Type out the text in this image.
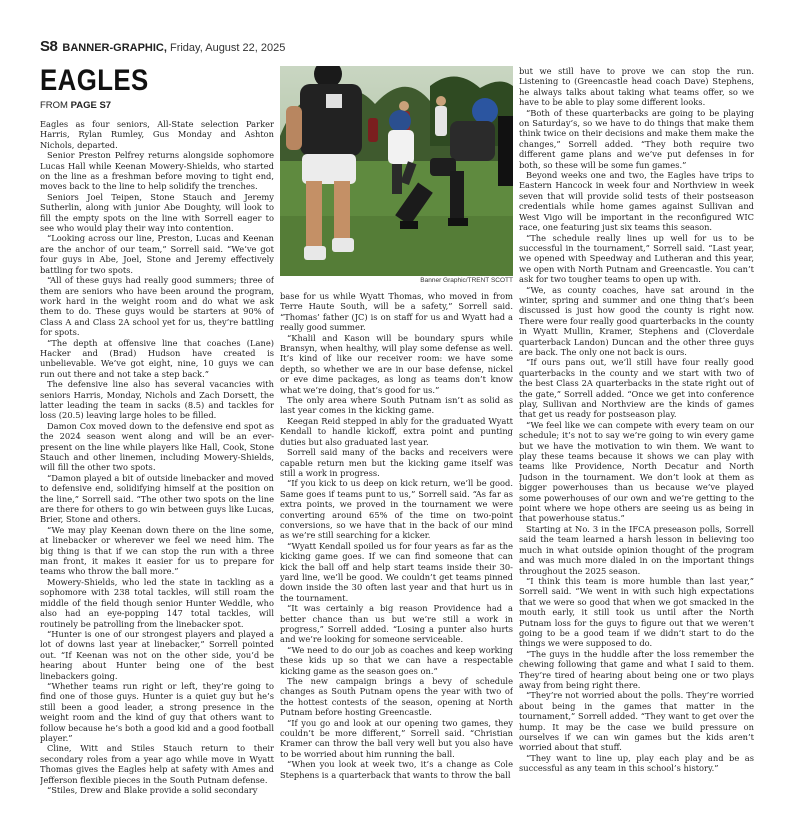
S8 BANNER-GRAPHIC, Friday, August 22, 2025
EAGLES
FROM PAGE S7

Eagles as four seniors, All-State selection Parker Harris, Rylan Rumley, Gus Monday and Ashton Nichols, departed.

Senior Preston Pelfrey returns alongside sophomore Lucas Hall while Keenan Mowery-Shields, who started on the line as a freshman before moving to tight end, moves back to the line to help solidify the trenches.

Seniors Joel Teipen, Stone Stauch and Jeremy Sutherlin, along with junior Abe Doughty, will look to fill the empty spots on the line with Sorrell eager to see who would play their way into contention.

“Looking across our line, Preston, Lucas and Keenan are the anchor of our team,” Sorrell said. “We’ve got four guys in Abe, Joel, Stone and Jeremy effectively battling for two spots.

“All of these guys had really good summers; three of them are seniors who have been around the program, work hard in the weight room and do what we ask them to do. These guys would be starters at 90% of Class A and Class 2A school yet for us, they’re battling for spots.

“The depth at offensive line that coaches (Lane) Hacker and (Brad) Hudson have created is unbelievable. We’ve got eight, nine, 10 guys we can run out there and not take a step back.”

The defensive line also has several vacancies with seniors Harris, Monday, Nichols and Zach Dorsett, the latter leading the team in sacks (8.5) and tackles for loss (20.5) leaving large holes to be filled.

Damon Cox moved down to the defensive end spot as the 2024 season went along and will be an ever-present on the line while players like Hall, Cook, Stone Stauch and other linemen, including Mowery-Shields, will fill the other two spots.

“Damon played a bit of outside linebacker and moved to defensive end, solidifying himself at the position on the line,” Sorrell said. “The other two spots on the line are there for others to go win between guys like Lucas, Brier, Stone and others.

“We may play Keenan down there on the line some, at linebacker or wherever we feel we need him. The big thing is that if we can stop the run with a three man front, it makes it easier for us to prepare for teams who throw the ball more.”

Mowery-Shields, who led the state in tackling as a sophomore with 238 total tackles, will still roam the middle of the field though senior Hunter Weddle, who also had an eye-popping 147 total tackles, will routinely be patrolling from the linebacker spot.

“Hunter is one of our strongest players and played a lot of downs last year at linebacker,” Sorrell pointed out. “If Keenan was not on the other side, you’d be hearing about Hunter being one of the best linebackers going.

“Whether teams run right or left, they’re going to find one of those guys. Hunter is a quiet guy but he’s still been a good leader, a strong presence in the weight room and the kind of guy that others want to follow because he’s both a good kid and a good football player.”

Cline, Witt and Stiles Stauch return to their secondary roles from a year ago while move in Wyatt Thomas gives the Eagles help at safety with Ames and Jefferson flexible pieces in the South Putnam defense.

“Stiles, Drew and Blake provide a solid secondary

Banner Graphic/TRENT SCOTT

base for us while Wyatt Thomas, who moved in from Terre Haute South, will be a safety,” Sorrell said. “Thomas’ father (JC) is on staff for us and Wyatt had a really good summer.

“Khalil and Kason will be boundary spurs while Bransyn, when healthy, will play some defense as well. It’s kind of like our receiver room: we have some depth, so whether we are in our base defense, nickel or eve dime packages, as long as teams don’t know what we’re doing, that’s good for us.”

The only area where South Putnam isn’t as solid as last year comes in the kicking game.

Keegan Reid stepped in ably for the graduated Wyatt Kendall to handle kickoff, extra point and punting duties but also graduated last year.

Sorrell said many of the backs and receivers were capable return men but the kicking game itself was still a work in progress.

“If you kick to us deep on kick return, we’ll be good. Same goes if teams punt to us,” Sorrell said. “As far as extra points, we proved in the tournament we were converting around 65% of the time on two-point conversions, so we have that in the back of our mind as we’re still searching for a kicker.

“Wyatt Kendall spoiled us for four years as far as the kicking game goes. If we can find someone that can kick the ball off and help start teams inside their 30-yard line, we’ll be good. We couldn’t get teams pinned down inside the 30 often last year and that hurt us in the tournament.

“It was certainly a big reason Providence had a better chance than us but we’re still a work in progress,” Sorrell added. “Losing a punter also hurts and we’re looking for someone serviceable.

“We need to do our job as coaches and keep working these kids up so that we can have a respectable kicking game as the season goes on.”

The new campaign brings a bevy of schedule changes as South Putnam opens the year with two of the hottest contests of the season, opening at North Putnam before hosting Greencastle.

“If you go and look at our opening two games, they couldn’t be more different,” Sorrell said. “Christian Kramer can throw the ball very well but you also have to be worried about him running the ball.

“When you look at week two, it’s a change as Cole Stephens is a quarterback that wants to throw the ball

but we still have to prove we can stop the run. Listening to (Greencastle head coach Dave) Stephens, he always talks about taking what teams offer, so we have to be able to play some different looks.

“Both of these quarterbacks are going to be playing on Saturday’s, so we have to do things that make them think twice on their decisions and make them make the changes,” Sorrell added. “They both require two different game plans and we’ve put defenses in for both, so these will be some fun games.”

Beyond weeks one and two, the Eagles have trips to Eastern Hancock in week four and Northview in week seven that will provide solid tests of their postseason credentials while home games against Sullivan and West Vigo will be important in the reconfigured WIC race, one featuring just six teams this season.

“The schedule really lines up well for us to be successful in the tournament,” Sorrell said. “Last year, we opened with Speedway and Lutheran and this year, we open with North Putnam and Greencastle. You can’t ask for two tougher teams to open up with.

“We, as county coaches, have sat around in the winter, spring and summer and one thing that’s been discussed is just how good the county is right now. There were four really good quarterbacks in the county in Wyatt Mullin, Kramer, Stephens and (Cloverdale quarterback Landon) Duncan and the other three guys are back. The only one not back is ours.

“If ours pans out, we’ll still have four really good quarterbacks in the county and we start with two of the best Class 2A quarterbacks in the state right out of the gate,” Sorrell added. “Once we get into conference play, Sullivan and Northview are the kinds of games that get us ready for postseason play.

“We feel like we can compete with every team on our schedule; it’s not to say we’re going to win every game but we have the motivation to win them. We want to play these teams because it shows we can play with teams like Providence, North Decatur and North Judson in the tournament. We don’t look at them as bigger powerhouses than us because we’ve played some powerhouses of our own and we’re getting to the point where we hope others are seeing us as being in that powerhouse status.”

Starting at No. 3 in the IFCA preseason polls, Sorrell said the team learned a harsh lesson in believing too much in what outside opinion thought of the program and was much more dialed in on the important things throughout the 2025 season.

“I think this team is more humble than last year,” Sorrell said. “We went in with such high expectations that we were so good that when we got smacked in the mouth early, it still took us until after the North Putnam loss for the guys to figure out that we weren’t going to be a good team if we didn’t start to do the things we were supposed to do.

“The guys in the huddle after the loss remember the chewing following that game and what I said to them. They’re tired of hearing about being one or two plays away from being right there.

“They’re not worried about the polls. They’re worried about being in the games that matter in the tournament,” Sorrell added. “They want to get over the hump. It may be the case we build pressure on ourselves if we can win games but the kids aren’t worried about that stuff.

“They want to line up, play each play and be as successful as any team in this school’s history.”
